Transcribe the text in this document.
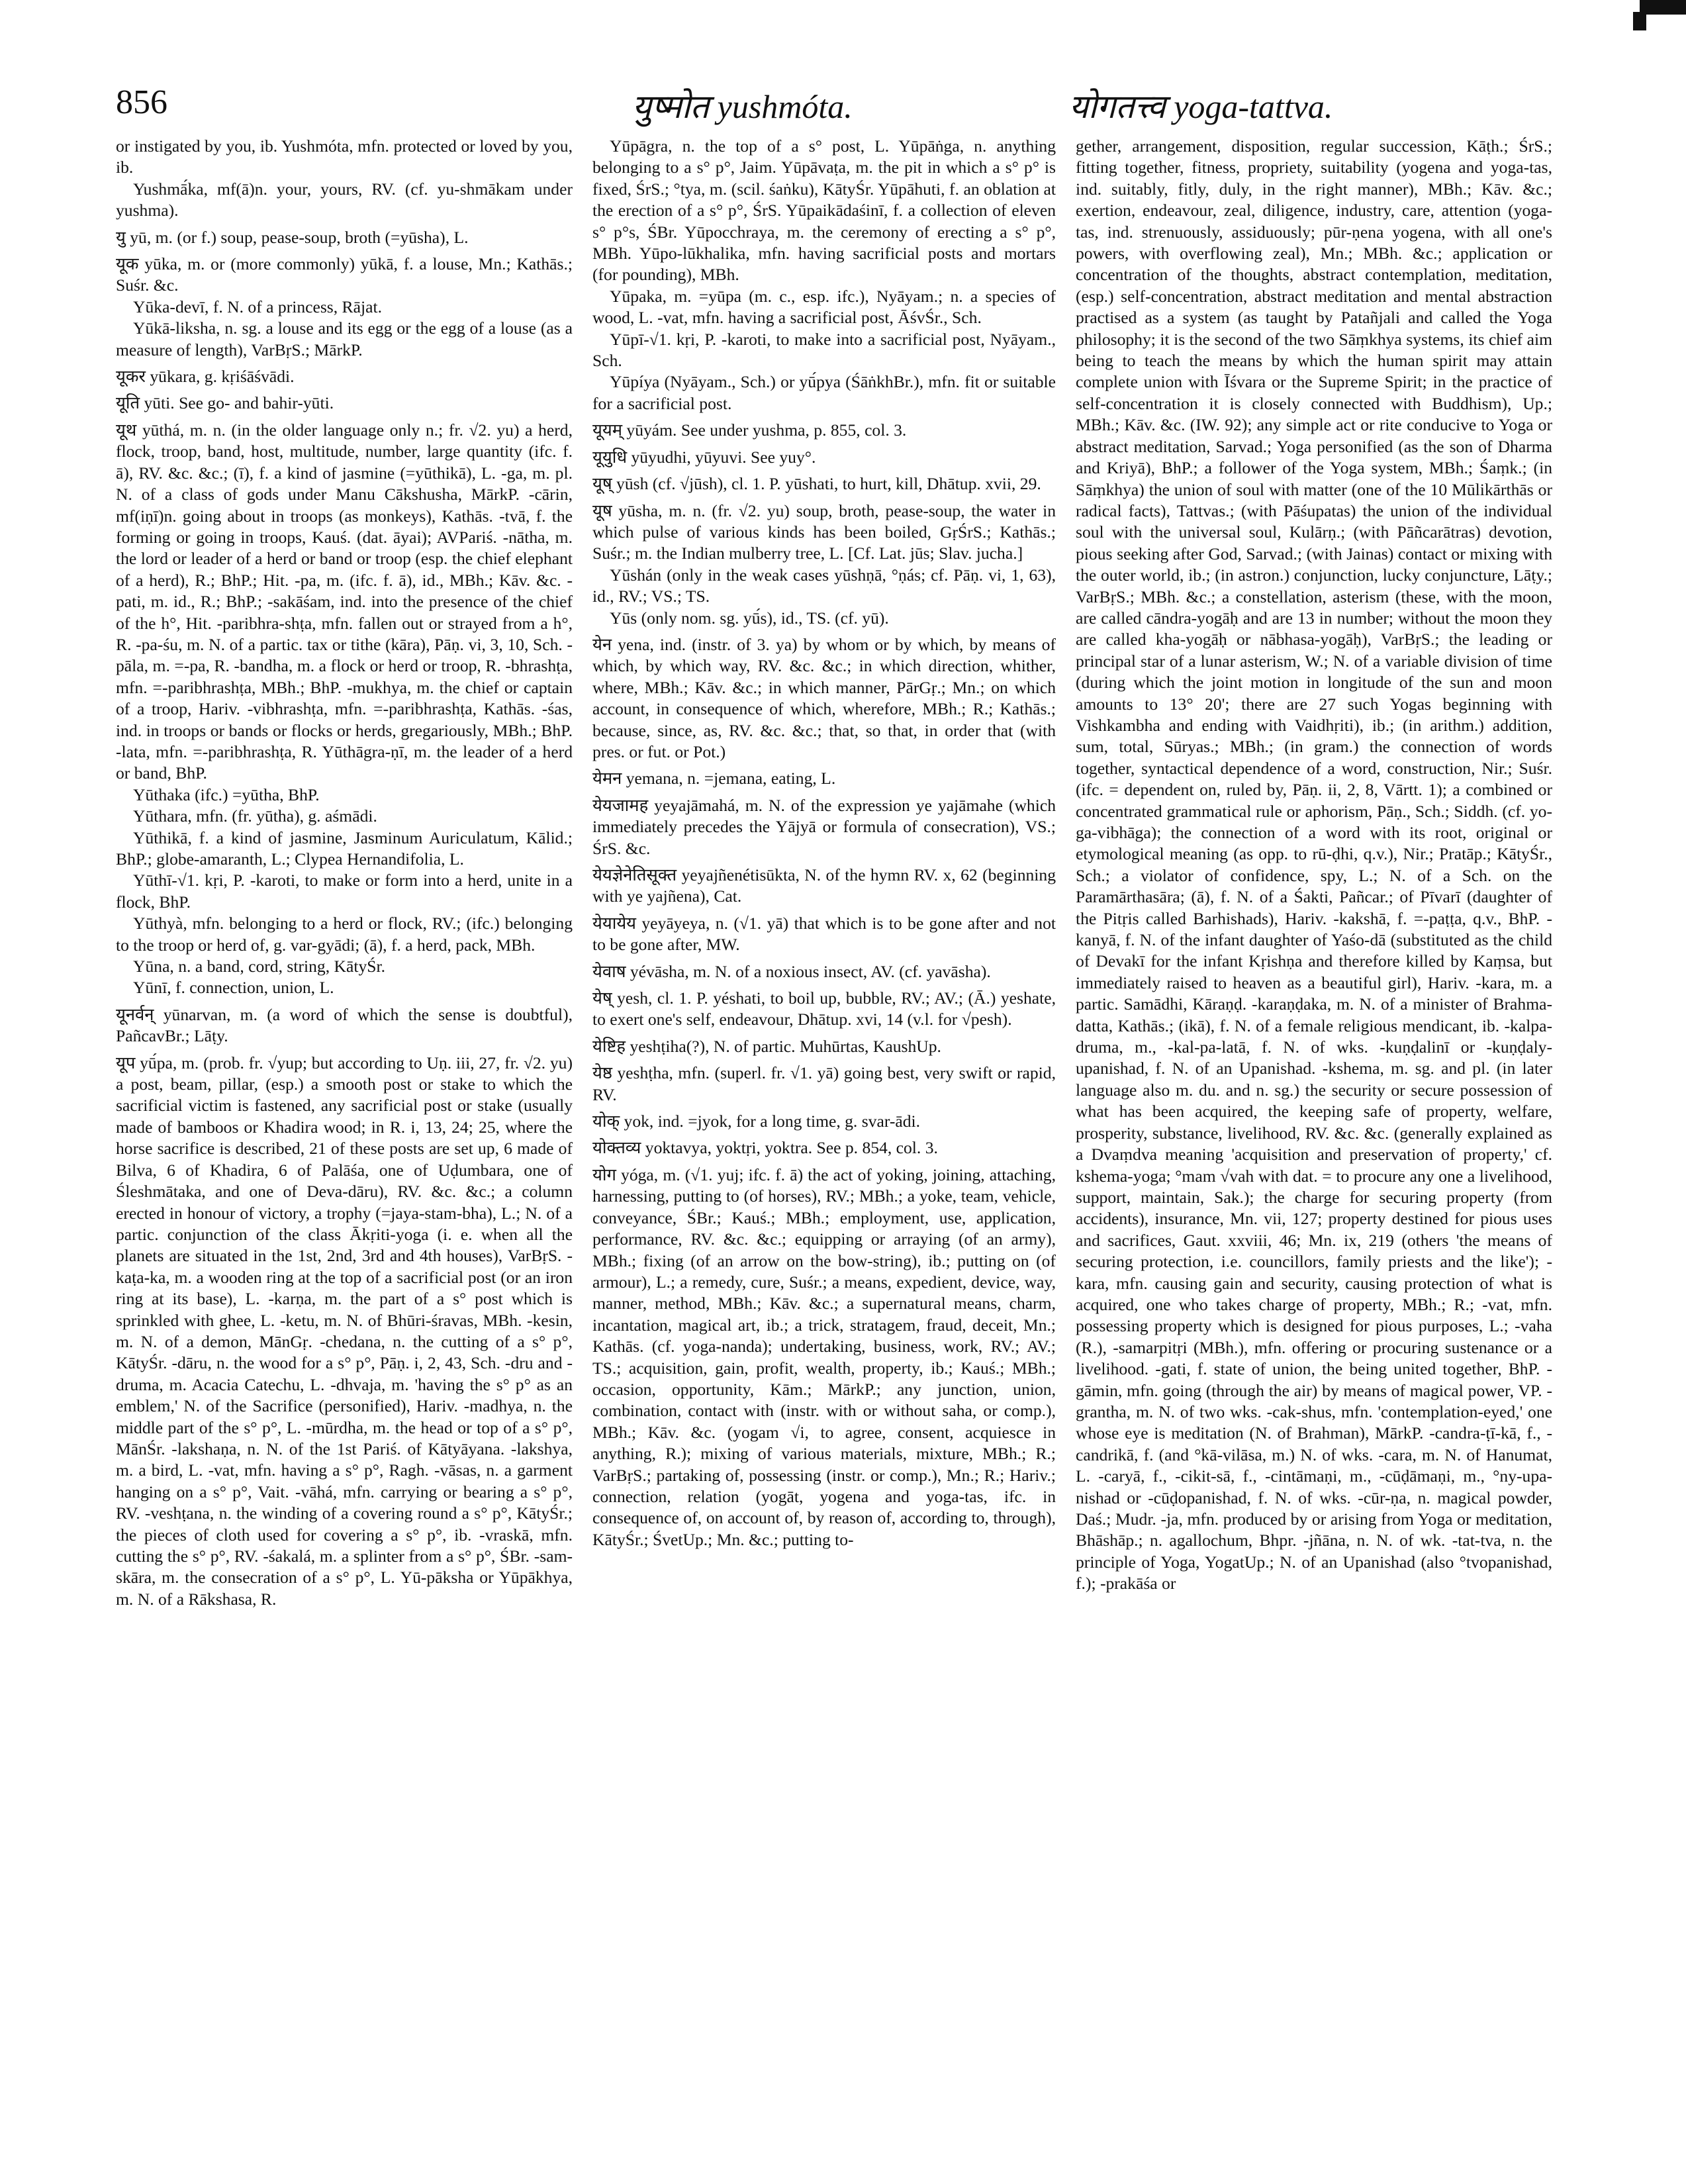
856	युष्मोत yushmóta.	योगतत्त्व yoga-tattva.

or instigated by you, ib. Yushmóta, mfn. protected or loved by you, ib.

Yushmā́ka, mf(ā)n. your, yours, RV. (cf. yu-shmākam under yushma).

यु yū, m. (or f.) soup, pease-soup, broth (=yūsha), L.

यूक yūka, m. or (more commonly) yūkā, f. a louse, Mn.; Kathās.; Suśr. &c.

Yūka-devī, f. N. of a princess, Rājat.

Yūkā-liksha, n. sg. a louse and its egg or the egg of a louse (as a measure of length), VarBṛS.; MārkP.

यूकर yūkara, g. kṛiśāśvādi.

यूति yūti. See go- and bahir-yūti.

यूथ yūthá, m. n. (in the older language only n.; fr. √2. yu) a herd, flock, troop, band, host, multitude, number, large quantity (ifc. f. ā), RV. &c. &c.; (ī), f. a kind of jasmine (=yūthikā), L. -ga, m. pl. N. of a class of gods under Manu Cākshusha, MārkP. -cārin, mf(iṇī)n. going about in troops (as monkeys), Kathās. -tvā, f. the forming or going in troops, Kauś. (dat. āyai); AVPariś. -nātha, m. the lord or leader of a herd or band or troop (esp. the chief elephant of a herd), R.; BhP.; Hit. -pa, m. (ifc. f. ā), id., MBh.; Kāv. &c. -pati, m. id., R.; BhP.; -sakāśam, ind. into the presence of the chief of the h°, Hit. -paribhra-shṭa, mfn. fallen out or strayed from a h°, R. -pa-śu, m. N. of a partic. tax or tithe (kāra), Pāṇ. vi, 3, 10, Sch. -pāla, m. =-pa, R. -bandha, m. a flock or herd or troop, R. -bhrashṭa, mfn. =-paribhrashṭa, MBh.; BhP. -mukhya, m. the chief or captain of a troop, Hariv. -vibhrashṭa, mfn. =-paribhrashṭa, Kathās. -śas, ind. in troops or bands or flocks or herds, gregariously, MBh.; BhP. -lata, mfn. =-paribhrashṭa, R. Yūthāgra-ṇī, m. the leader of a herd or band, BhP.

Yūthaka (ifc.) =yūtha, BhP.

Yūthara, mfn. (fr. yūtha), g. aśmādi.

Yūthikā, f. a kind of jasmine, Jasminum Auriculatum, Kālid.; BhP.; globe-amaranth, L.; Clypea Hernandifolia, L.

Yūthī-√1. kṛi, P. -karoti, to make or form into a herd, unite in a flock, BhP.

Yūthyà, mfn. belonging to a herd or flock, RV.; (ifc.) belonging to the troop or herd of, g. var-gyādi; (ā), f. a herd, pack, MBh.

Yūna, n. a band, cord, string, KātyŚr.

Yūnī, f. connection, union, L.

यूनर्वन् yūnarvan, m. (a word of which the sense is doubtful), PañcavBr.; Lāṭy.

यूप yū́pa, m. (prob. fr. √yup; but according to Uṇ. iii, 27, fr. √2. yu) a post, beam, pillar, (esp.) a smooth post or stake to which the sacrificial victim is fastened, any sacrificial post or stake (usually made of bamboos or Khadira wood; in R. i, 13, 24; 25, where the horse sacrifice is described, 21 of these posts are set up, 6 made of Bilva, 6 of Khadira, 6 of Palāśa, one of Uḍumbara, one of Śleshmātaka, and one of Deva-dāru), RV. &c. &c.; a column erected in honour of victory, a trophy (=jaya-stam-bha), L.; N. of a partic. conjunction of the class Ākṛiti-yoga (i. e. when all the planets are situated in the 1st, 2nd, 3rd and 4th houses), VarBṛS. -kaṭa-ka, m. a wooden ring at the top of a sacrificial post (or an iron ring at its base), L. -karṇa, m. the part of a s° post which is sprinkled with ghee, L. -ketu, m. N. of Bhūri-śravas, MBh. -kesin, m. N. of a demon, MānGṛ. -chedana, n. the cutting of a s° p°, KātyŚr. -dāru, n. the wood for a s° p°, Pāṇ. i, 2, 43, Sch. -dru and -druma, m. Acacia Catechu, L. -dhvaja, m. 'having the s° p° as an emblem,' N. of the Sacrifice (personified), Hariv. -madhya, n. the middle part of the s° p°, L. -mūrdha, m. the head or top of a s° p°, MānŚr. -lakshaṇa, n. N. of the 1st Pariś. of Kātyāyana. -lakshya, m. a bird, L. -vat, mfn. having a s° p°, Ragh. -vāsas, n. a garment hanging on a s° p°, Vait. -vāhá, mfn. carrying or bearing a s° p°, RV. -veshṭana, n. the winding of a covering round a s° p°, KātyŚr.; the pieces of cloth used for covering a s° p°, ib. -vraskā, mfn. cutting the s° p°, RV. -śakalá, m. a splinter from a s° p°, ŚBr. -sam-skāra, m. the consecration of a s° p°, L. Yū-pāksha or Yūpākhya, m. N. of a Rākshasa, R.

Yūpāgra, n. the top of a s° post, L. Yūpāṅga, n. anything belonging to a s° p°, Jaim. Yūpāvaṭa, m. the pit in which a s° p° is fixed, ŚrS.; °tya, m. (scil. śaṅku), KātyŚr. Yūpāhuti, f. an oblation at the erection of a s° p°, ŚrS. Yūpaikādaśinī, f. a collection of eleven s° p°s, ŚBr. Yūpocchraya, m. the ceremony of erecting a s° p°, MBh. Yūpo-lūkhalika, mfn. having sacrificial posts and mortars (for pounding), MBh.

Yūpaka, m. =yūpa (m. c., esp. ifc.), Nyāyam.; n. a species of wood, L. -vat, mfn. having a sacrificial post, ĀśvŚr., Sch.

Yūpī-√1. kṛi, P. -karoti, to make into a sacrificial post, Nyāyam., Sch.

Yūpíya (Nyāyam., Sch.) or yū́pya (ŚāṅkhBr.), mfn. fit or suitable for a sacrificial post.

यूयम् yūyám. See under yushma, p. 855, col. 3.

यूयुधि yūyudhi, yūyuvi. See yuy°.

यूष् yūsh (cf. √jūsh), cl. 1. P. yūshati, to hurt, kill, Dhātup. xvii, 29.

यूष yūsha, m. n. (fr. √2. yu) soup, broth, pease-soup, the water in which pulse of various kinds has been boiled, GṛŚrS.; Kathās.; Suśr.; m. the Indian mulberry tree, L. [Cf. Lat. jūs; Slav. jucha.]

Yūshán (only in the weak cases yūshṇā, °ṇás; cf. Pāṇ. vi, 1, 63), id., RV.; VS.; TS.

Yūs (only nom. sg. yū́s), id., TS. (cf. yū).

येन yena, ind. (instr. of 3. ya) by whom or by which, by means of which, by which way, RV. &c. &c.; in which direction, whither, where, MBh.; Kāv. &c.; in which manner, PārGṛ.; Mn.; on which account, in consequence of which, wherefore, MBh.; R.; Kathās.; because, since, as, RV. &c. &c.; that, so that, in order that (with pres. or fut. or Pot.)

येमन yemana, n. =jemana, eating, L.

येयजामह yeyajāmahá, m. N. of the expression ye yajāmahe (which immediately precedes the Yājyā or formula of consecration), VS.; ŚrS. &c.

येयज्ञेनेतिसूक्त yeyajñenétisūkta, N. of the hymn RV. x, 62 (beginning with ye yajñena), Cat.

येयायेय yeyāyeya, n. (√1. yā) that which is to be gone after and not to be gone after, MW.

येवाष yévāsha, m. N. of a noxious insect, AV. (cf. yavāsha).

येष् yesh, cl. 1. P. yéshati, to boil up, bubble, RV.; AV.; (Ā.) yeshate, to exert one's self, endeavour, Dhātup. xvi, 14 (v.l. for √pesh).

येष्टिह yeshṭiha(?), N. of partic. Muhūrtas, KaushUp.

येष्ठ yeshṭha, mfn. (superl. fr. √1. yā) going best, very swift or rapid, RV.

योक् yok, ind. =jyok, for a long time, g. svar-ādi.

योक्तव्य yoktavya, yoktṛi, yoktra. See p. 854, col. 3.

योग yóga, m. (√1. yuj; ifc. f. ā) the act of yoking, joining, attaching, harnessing, putting to (of horses), RV.; MBh.; a yoke, team, vehicle, conveyance, ŚBr.; Kauś.; MBh.; employment, use, application, performance, RV. &c. &c.; equipping or arraying (of an army), MBh.; fixing (of an arrow on the bow-string), ib.; putting on (of armour), L.; a remedy, cure, Suśr.; a means, expedient, device, way, manner, method, MBh.; Kāv. &c.; a supernatural means, charm, incantation, magical art, ib.; a trick, stratagem, fraud, deceit, Mn.; Kathās. (cf. yoga-nanda); undertaking, business, work, RV.; AV.; TS.; acquisition, gain, profit, wealth, property, ib.; Kauś.; MBh.; occasion, opportunity, Kām.; MārkP.; any junction, union, combination, contact with (instr. with or without saha, or comp.), MBh.; Kāv. &c. (yogam √i, to agree, consent, acquiesce in anything, R.); mixing of various materials, mixture, MBh.; R.; VarBṛS.; partaking of, possessing (instr. or comp.), Mn.; R.; Hariv.; connection, relation (yogāt, yogena and yoga-tas, ifc. in consequence of, on account of, by reason of, according to, through), KātyŚr.; ŚvetUp.; Mn. &c.; putting to-

gether, arrangement, disposition, regular succession, Kāṭh.; ŚrS.; fitting together, fitness, propriety, suitability (yogena and yoga-tas, ind. suitably, fitly, duly, in the right manner), MBh.; Kāv. &c.; exertion, endeavour, zeal, diligence, industry, care, attention (yoga-tas, ind. strenuously, assiduously; pūr-ṇena yogena, with all one's powers, with overflowing zeal), Mn.; MBh. &c.; application or concentration of the thoughts, abstract contemplation, meditation, (esp.) self-concentration, abstract meditation and mental abstraction practised as a system (as taught by Patañjali and called the Yoga philosophy; it is the second of the two Sāṃkhya systems, its chief aim being to teach the means by which the human spirit may attain complete union with Īśvara or the Supreme Spirit; in the practice of self-concentration it is closely connected with Buddhism), Up.; MBh.; Kāv. &c. (IW. 92); any simple act or rite conducive to Yoga or abstract meditation, Sarvad.; Yoga personified (as the son of Dharma and Kriyā), BhP.; a follower of the Yoga system, MBh.; Śaṃk.; (in Sāṃkhya) the union of soul with matter (one of the 10 Mūlikārthās or radical facts), Tattvas.; (with Pāśupatas) the union of the individual soul with the universal soul, Kulārṇ.; (with Pāñcarātras) devotion, pious seeking after God, Sarvad.; (with Jainas) contact or mixing with the outer world, ib.; (in astron.) conjunction, lucky conjuncture, Lāṭy.; VarBṛS.; MBh. &c.; a constellation, asterism (these, with the moon, are called cāndra-yogāḥ and are 13 in number; without the moon they are called kha-yogāḥ or nābhasa-yogāḥ), VarBṛS.; the leading or principal star of a lunar asterism, W.; N. of a variable division of time (during which the joint motion in longitude of the sun and moon amounts to 13° 20'; there are 27 such Yogas beginning with Vishkambha and ending with Vaidhṛiti), ib.; (in arithm.) addition, sum, total, Sūryas.; MBh.; (in gram.) the connection of words together, syntactical dependence of a word, construction, Nir.; Suśr. (ifc. = dependent on, ruled by, Pāṇ. ii, 2, 8, Vārtt. 1); a combined or concentrated grammatical rule or aphorism, Pāṇ., Sch.; Siddh. (cf. yo-ga-vibhāga); the connection of a word with its root, original or etymological meaning (as opp. to rū-ḍhi, q.v.), Nir.; Pratāp.; KātyŚr., Sch.; a violator of confidence, spy, L.; N. of a Sch. on the Paramārthasāra; (ā), f. N. of a Śakti, Pañcar.; of Pīvarī (daughter of the Pitṛis called Barhishads), Hariv. -kakshā, f. =-paṭṭa, q.v., BhP. -kanyā, f. N. of the infant daughter of Yaśo-dā (substituted as the child of Devakī for the infant Kṛishṇa and therefore killed by Kaṃsa, but immediately raised to heaven as a beautiful girl), Hariv. -kara, m. a partic. Samādhi, Kāraṇḍ. -karaṇḍaka, m. N. of a minister of Brahma-datta, Kathās.; (ikā), f. N. of a female religious mendicant, ib. -kalpa-druma, m., -kal-pa-latā, f. N. of wks. -kuṇḍalinī or -kuṇḍaly-upanishad, f. N. of an Upanishad. -kshema, m. sg. and pl. (in later language also m. du. and n. sg.) the security or secure possession of what has been acquired, the keeping safe of property, welfare, prosperity, substance, livelihood, RV. &c. &c. (generally explained as a Dvaṃdva meaning 'acquisition and preservation of property,' cf. kshema-yoga; °mam √vah with dat. = to procure any one a livelihood, support, maintain, Sak.); the charge for securing property (from accidents), insurance, Mn. vii, 127; property destined for pious uses and sacrifices, Gaut. xxviii, 46; Mn. ix, 219 (others 'the means of securing protection, i.e. councillors, family priests and the like'); -kara, mfn. causing gain and security, causing protection of what is acquired, one who takes charge of property, MBh.; R.; -vat, mfn. possessing property which is designed for pious purposes, L.; -vaha (R.), -samarpitṛi (MBh.), mfn. offering or procuring sustenance or a livelihood. -gati, f. state of union, the being united together, BhP. -gāmin, mfn. going (through the air) by means of magical power, VP. -grantha, m. N. of two wks. -cak-shus, mfn. 'contemplation-eyed,' one whose eye is meditation (N. of Brahman), MārkP. -candra-ṭī-kā, f., -candrikā, f. (and °kā-vilāsa, m.) N. of wks. -cara, m. N. of Hanumat, L. -caryā, f., -cikit-sā, f., -cintāmaṇi, m., -cūḍāmaṇi, m., °ny-upa-nishad or -cūḍopanishad, f. N. of wks. -cūr-ṇa, n. magical powder, Daś.; Mudr. -ja, mfn. produced by or arising from Yoga or meditation, Bhāshāp.; n. agallochum, Bhpr. -jñāna, n. N. of wk. -tat-tva, n. the principle of Yoga, YogatUp.; N. of an Upanishad (also °tvopanishad, f.); -prakāśa or
